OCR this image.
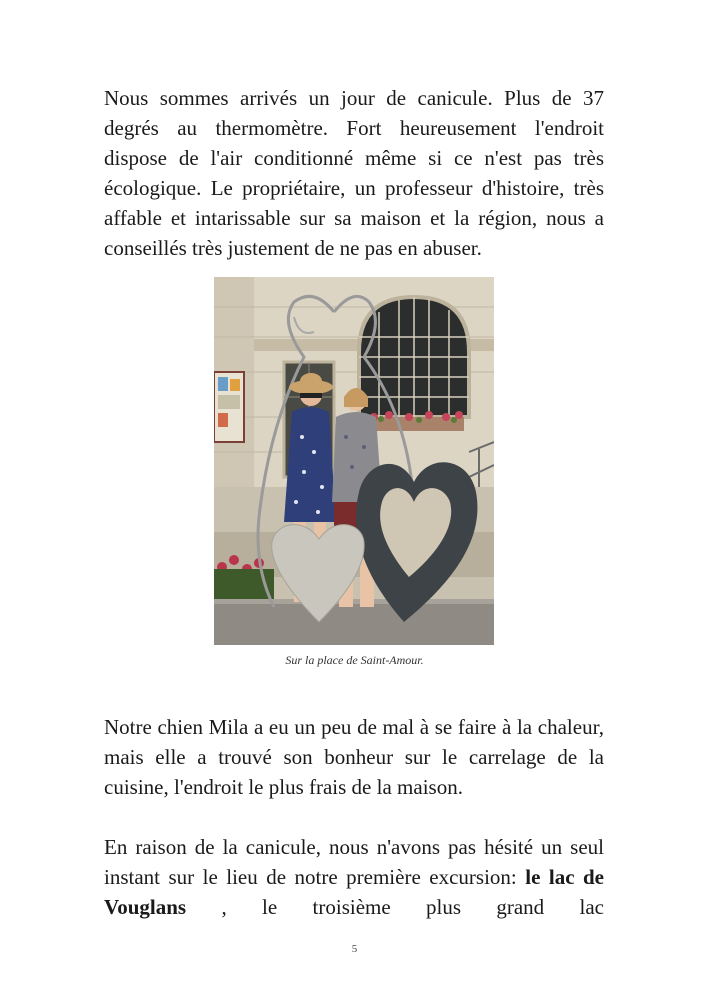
Nous sommes arrivés un jour de canicule. Plus de 37 degrés au thermomètre. Fort heureusement l'endroit dispose de l'air conditionné même si ce n'est pas très écologique. Le propriétaire, un professeur d'histoire, très affable et intarissable sur sa maison et la région, nous a conseillés très justement de ne pas en abuser.

Sur la place de Saint-Amour.

Notre chien Mila a eu un peu de mal à se faire à la chaleur, mais elle a trouvé son bonheur sur le carrelage de la cuisine, l'endroit le plus frais de la maison.

En raison de la canicule, nous n'avons pas hésité un seul instant sur le lieu de notre première excursion: le lac de Vouglans , le troisième plus grand lac

5
